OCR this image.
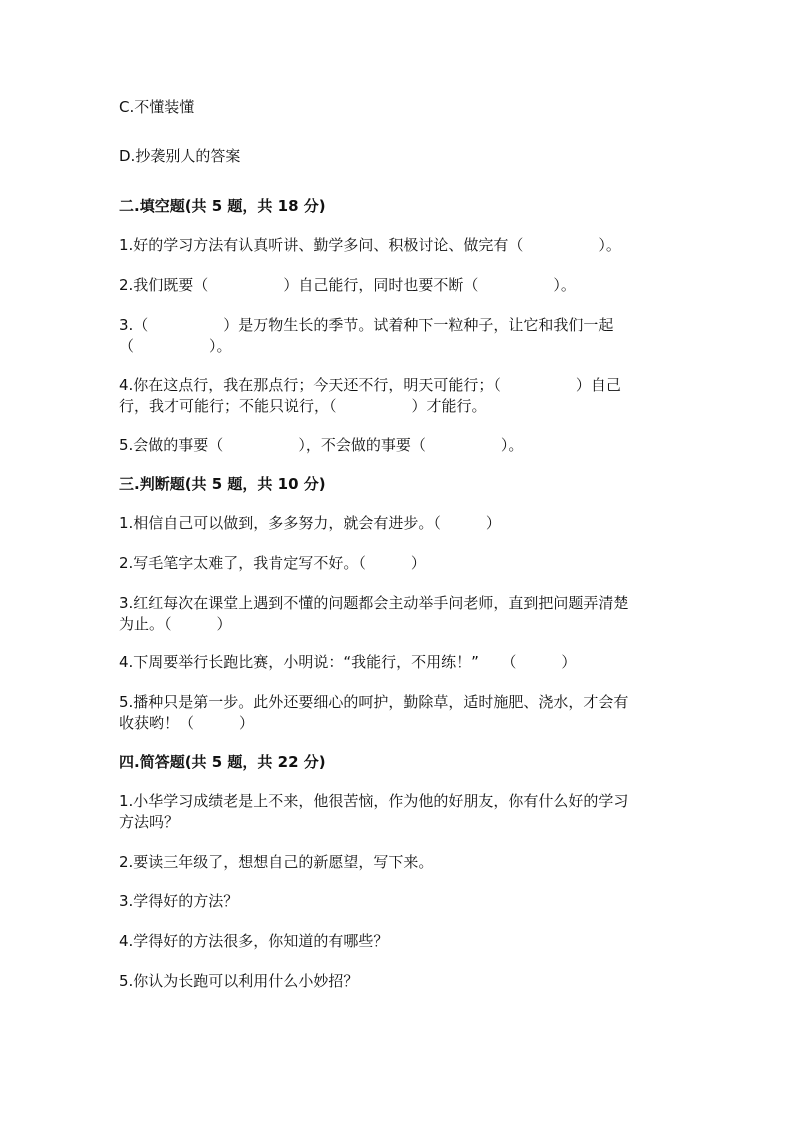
C.不懂装懂

D.抄袭别人的答案

二.填空题(共 5 题，共 18 分)

1.好的学习方法有认真听讲、勤学多问、积极讨论、做完有（　　　　　）。

2.我们既要（　　　　　）自己能行，同时也要不断（　　　　　）。

3.（　　　　　）是万物生长的季节。试着种下一粒种子，让它和我们一起

（　　　　　）。

4.你在这点行，我在那点行；今天还不行，明天可能行；（　　　　　）自己

行，我才可能行；不能只说行，（　　　　　）才能行。

5.会做的事要（　　　　　），不会做的事要（　　　　　）。

三.判断题(共 5 题，共 10 分)

1.相信自己可以做到，多多努力，就会有进步。（　　　）

2.写毛笔字太难了，我肯定写不好。（　　　）

3.红红每次在课堂上遇到不懂的问题都会主动举手问老师，直到把问题弄清楚

为止。（　　　）

4.下周要举行长跑比赛，小明说：“我能行，不用练！”　　（　　　）

5.播种只是第一步。此外还要细心的呵护，勤除草，适时施肥、浇水，才会有

收获哟！（　　　）

四.简答题(共 5 题，共 22 分)

1.小华学习成绩老是上不来，他很苦恼，作为他的好朋友，你有什么好的学习

方法吗？

2.要读三年级了，想想自己的新愿望，写下来。

3.学得好的方法？

4.学得好的方法很多，你知道的有哪些？

5.你认为长跑可以利用什么小妙招？
